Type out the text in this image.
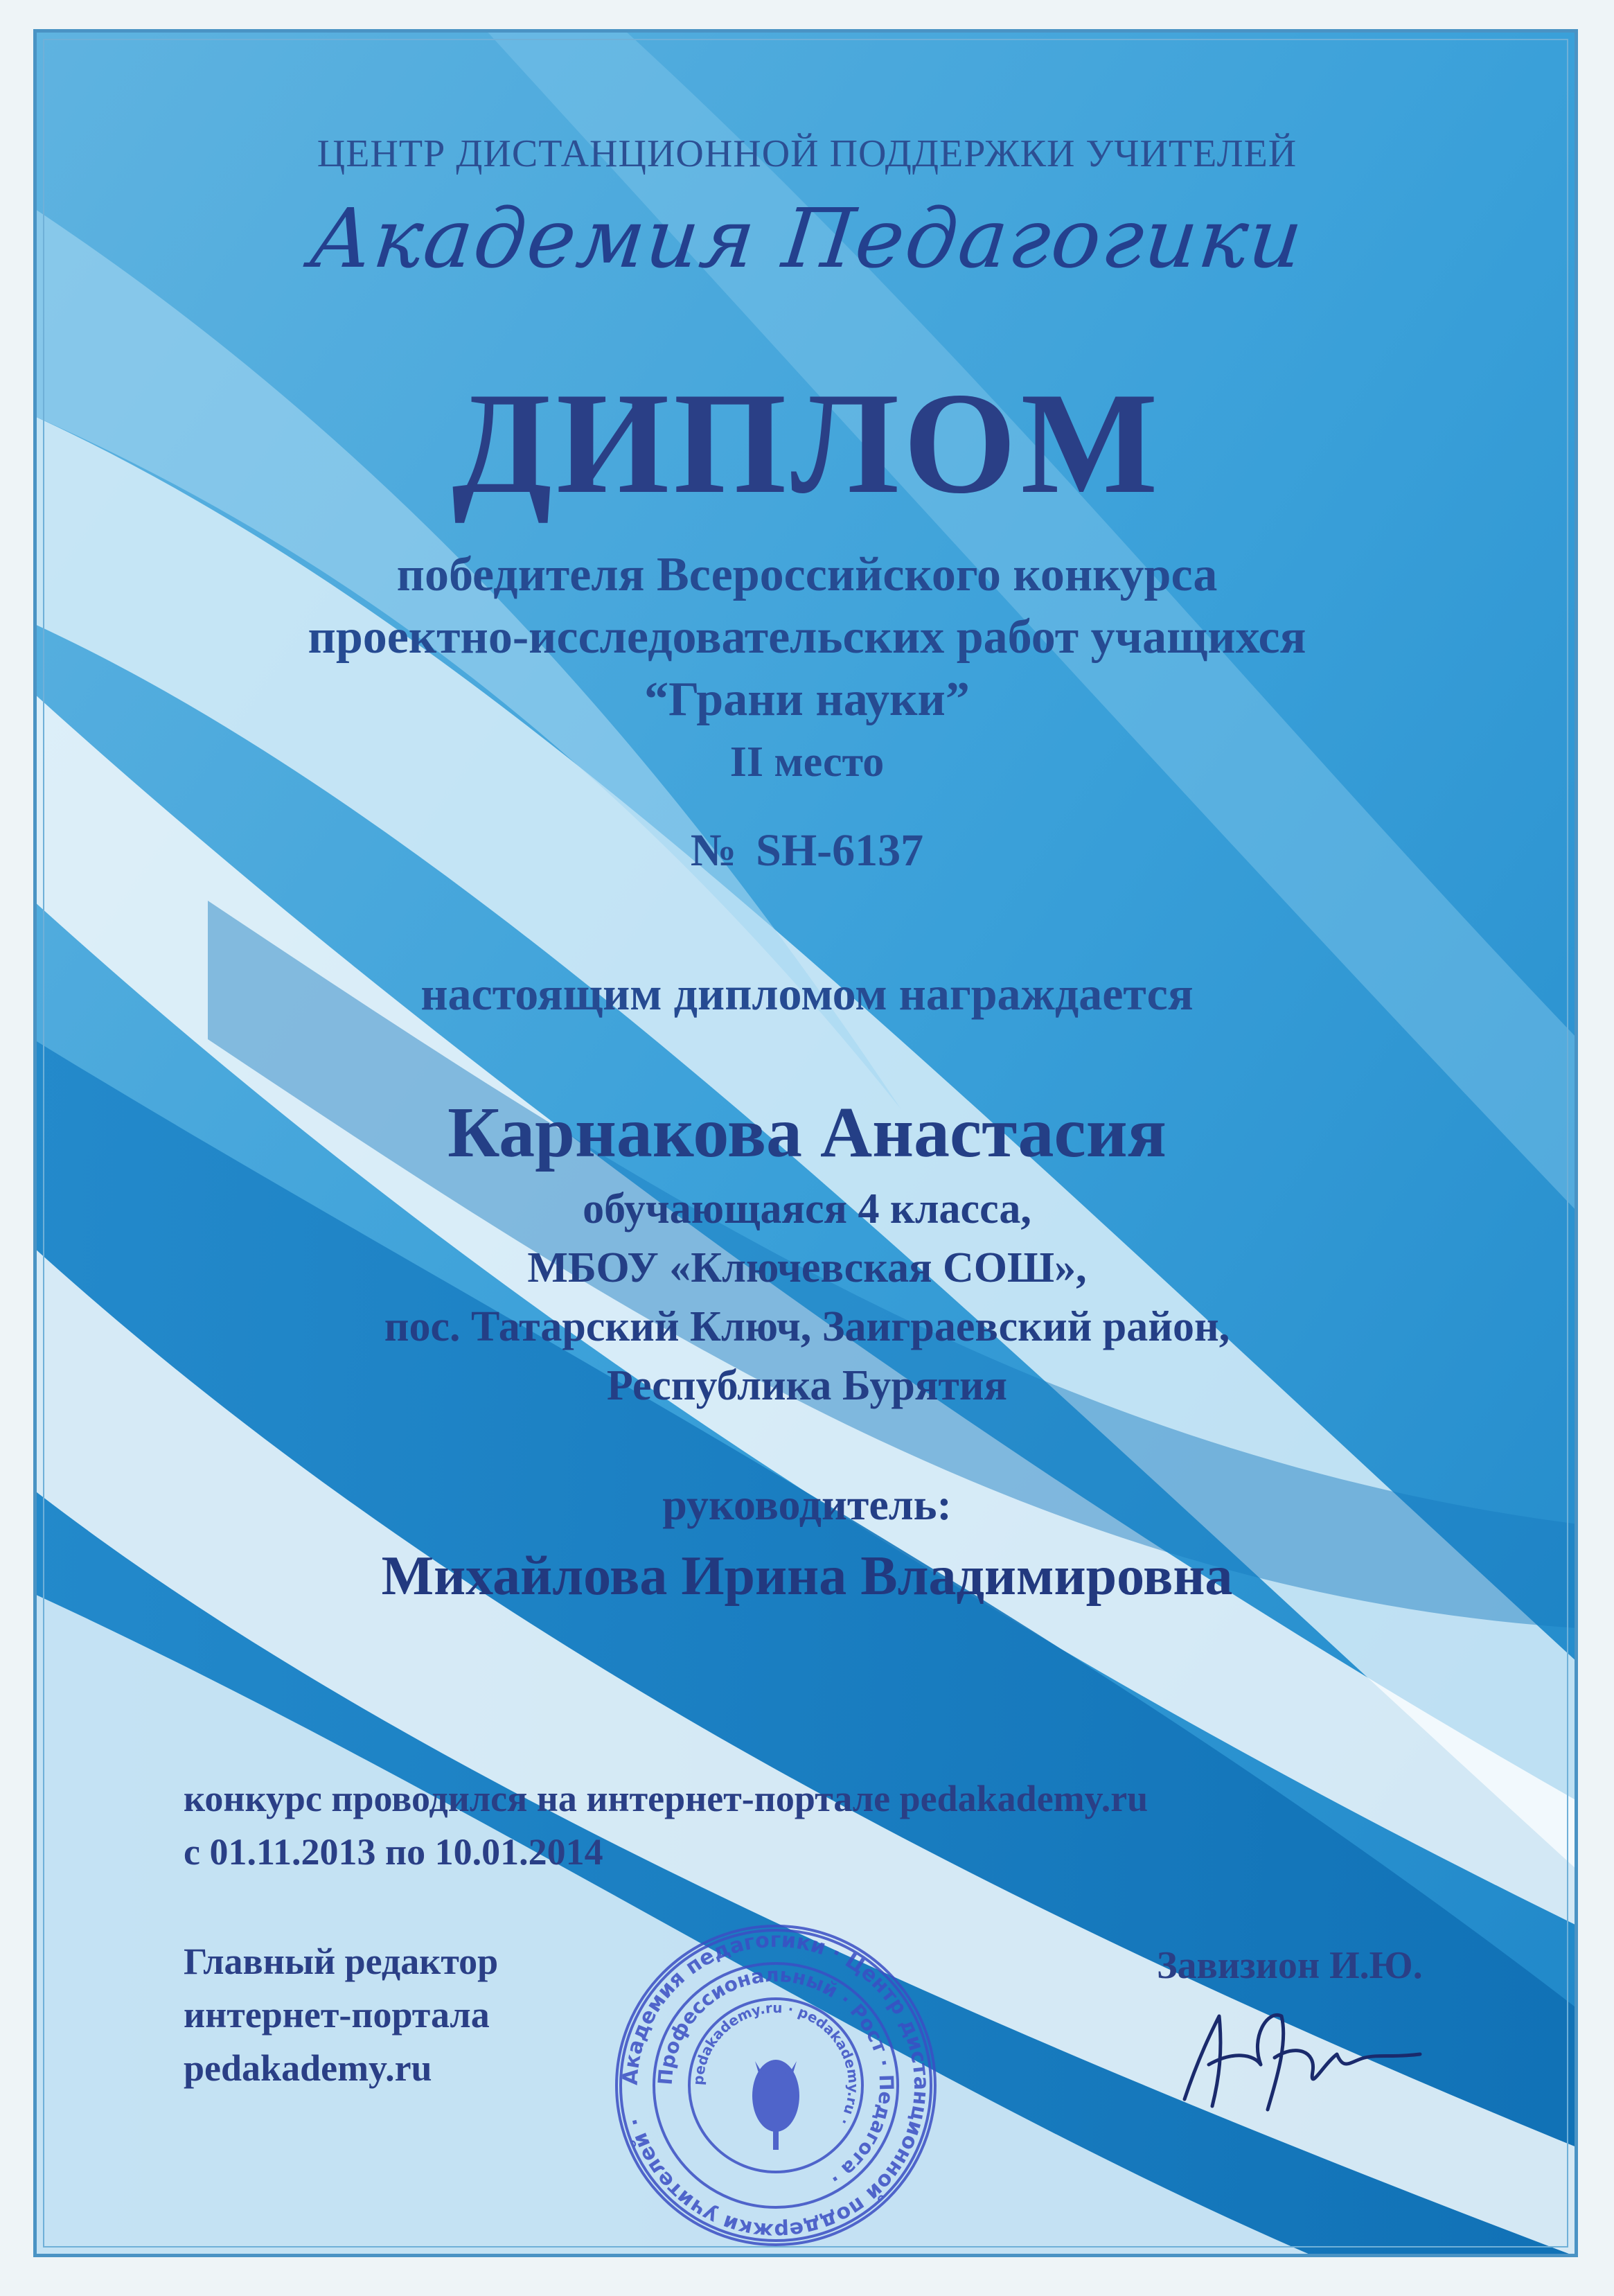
ЦЕНТР ДИСТАНЦИОННОЙ ПОДДЕРЖКИ УЧИТЕЛЕЙ
Академия Педагогики
ДИПЛОМ
победителя Всероссийского конкурса
проектно-исследовательских работ учащихся
“Грани науки”
II место
№ SH-6137
настоящим дипломом награждается
Карнакова Анастасия
обучающаяся 4 класса,
МБОУ «Ключевская СОШ»,
пос. Татарский Ключ, Заиграевский район,
Республика Бурятия
руководитель:
Михайлова Ирина Владимировна
конкурс проводился на интернет-портале pedakademy.ru
с 01.11.2013 по 10.01.2014
Главный редактор
интернет-портала
pedakademy.ru
Завизион И.Ю.
Академия педагогики · Центр дистанционной поддержки учителей ·
Профессиональный · Рост · Педагога ·
pedakademy.ru · pedakademy.ru ·
